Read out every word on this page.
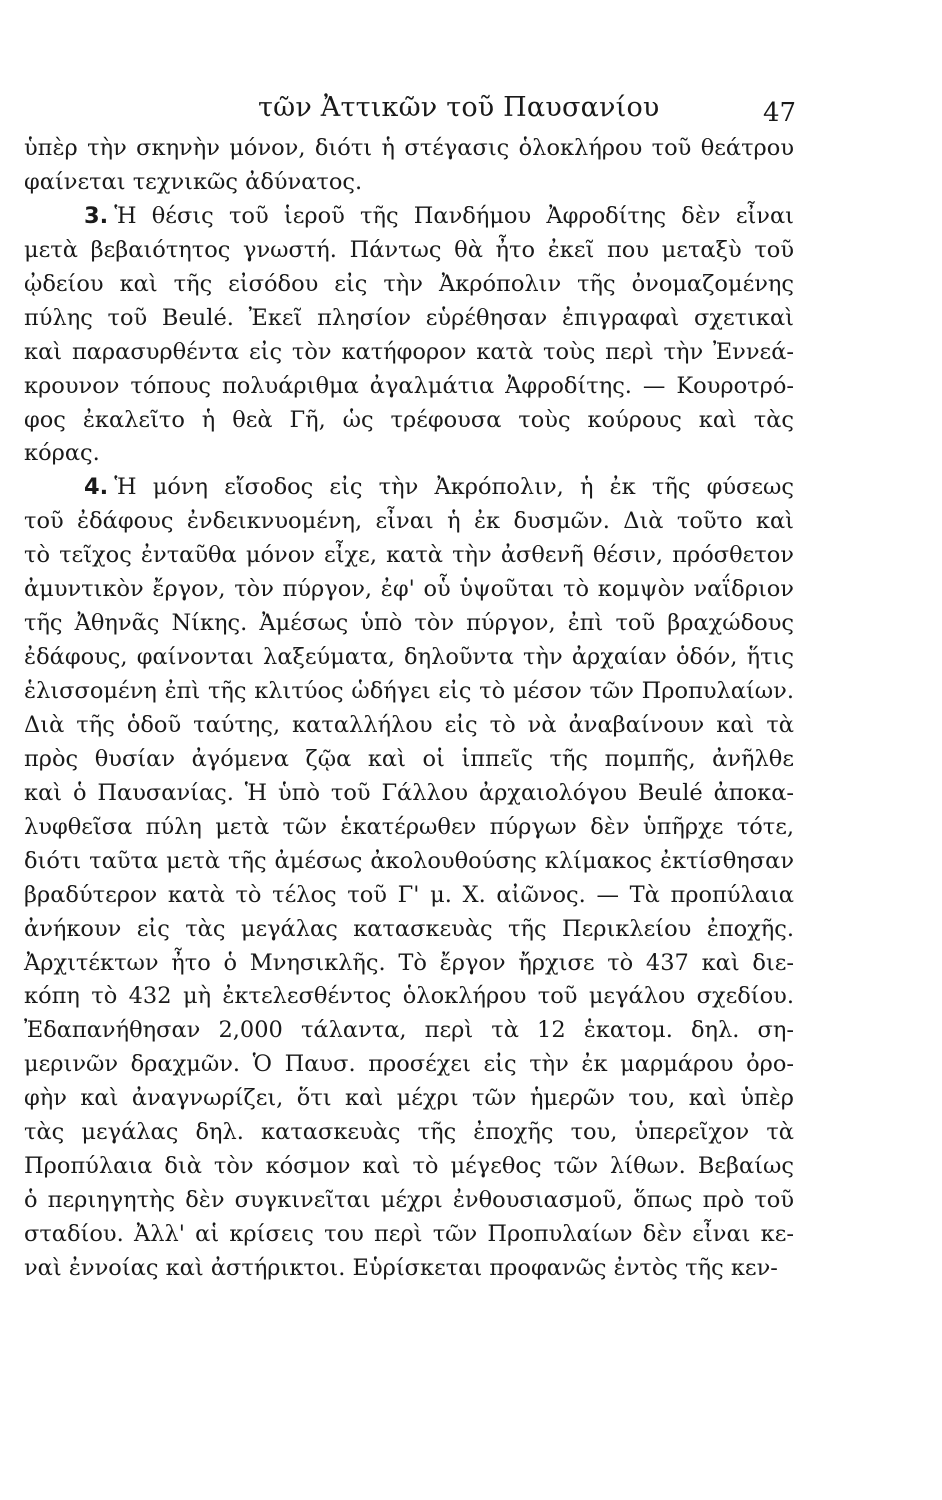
τῶν Ἀττικῶν τοῦ Παυσανίου	47
ὑπὲρ τὴν σκηνὴν μόνον, διότι ἡ στέγασις ὁλοκλήρου τοῦ θεάτρου
φαίνεται τεχνικῶς ἀδύνατος.
3. Ἡ θέσις τοῦ ἱεροῦ τῆς Πανδήμου Ἀφροδίτης δὲν εἶναι
μετὰ βεβαιότητος γνωστή. Πάντως θὰ ἦτο ἐκεῖ που μεταξὺ τοῦ
ᾠδείου καὶ τῆς εἰσόδου εἰς τὴν Ἀκρόπολιν τῆς ὀνομαζομένης
πύλης τοῦ Beulé. Ἐκεῖ πλησίον εὑρέθησαν ἐπιγραφαὶ σχετικαὶ
καὶ παρασυρθέντα εἰς τὸν κατήφορον κατὰ τοὺς περὶ τὴν Ἐννεά-
κρουνον τόπους πολυάριθμα ἀγαλμάτια Ἀφροδίτης. — Κουροτρό-
φος ἐκαλεῖτο ἡ θεὰ Γῆ, ὡς τρέφουσα τοὺς κούρους καὶ τὰς
κόρας.
4. Ἡ μόνη εἴσοδος εἰς τὴν Ἀκρόπολιν, ἡ ἐκ τῆς φύσεως
τοῦ ἐδάφους ἐνδεικνυομένη, εἶναι ἡ ἐκ δυσμῶν. Διὰ τοῦτο καὶ
τὸ τεῖχος ἐνταῦθα μόνον εἶχε, κατὰ τὴν ἀσθενῆ θέσιν, πρόσθετον
ἀμυντικὸν ἔργον, τὸν πύργον, ἐφ' οὗ ὑψοῦται τὸ κομψὸν ναΐδριον
τῆς Ἀθηνᾶς Νίκης. Ἀμέσως ὑπὸ τὸν πύργον, ἐπὶ τοῦ βραχώδους
ἐδάφους, φαίνονται λαξεύματα, δηλοῦντα τὴν ἀρχαίαν ὁδόν, ἥτις
ἑλισσομένη ἐπὶ τῆς κλιτύος ὡδήγει εἰς τὸ μέσον τῶν Προπυλαίων.
Διὰ τῆς ὁδοῦ ταύτης, καταλλήλου εἰς τὸ νὰ ἀναβαίνουν καὶ τὰ
πρὸς θυσίαν ἀγόμενα ζῷα καὶ οἱ ἱππεῖς τῆς πομπῆς, ἀνῆλθε
καὶ ὁ Παυσανίας. Ἡ ὑπὸ τοῦ Γάλλου ἀρχαιολόγου Beulé ἀποκα-
λυφθεῖσα πύλη μετὰ τῶν ἑκατέρωθεν πύργων δὲν ὑπῆρχε τότε,
διότι ταῦτα μετὰ τῆς ἀμέσως ἀκολουθούσης κλίμακος ἐκτίσθησαν
βραδύτερον κατὰ τὸ τέλος τοῦ Γ' μ. Χ. αἰῶνος. — Τὰ προπύλαια
ἀνήκουν εἰς τὰς μεγάλας κατασκευὰς τῆς Περικλείου ἐποχῆς.
Ἀρχιτέκτων ἦτο ὁ Μνησικλῆς. Τὸ ἔργον ἤρχισε τὸ 437 καὶ διε-
κόπη τὸ 432 μὴ ἐκτελεσθέντος ὁλοκλήρου τοῦ μεγάλου σχεδίου.
Ἐδαπανήθησαν 2,000 τάλαντα, περὶ τὰ 12 ἑκατομ. δηλ. ση-
μερινῶν δραχμῶν. Ὁ Παυσ. προσέχει εἰς τὴν ἐκ μαρμάρου ὀρο-
φὴν καὶ ἀναγνωρίζει, ὅτι καὶ μέχρι τῶν ἡμερῶν του, καὶ ὑπὲρ
τὰς μεγάλας δηλ. κατασκευὰς τῆς ἐποχῆς του, ὑπερεῖχον τὰ
Προπύλαια διὰ τὸν κόσμον καὶ τὸ μέγεθος τῶν λίθων. Βεβαίως
ὁ περιηγητὴς δὲν συγκινεῖται μέχρι ἐνθουσιασμοῦ, ὅπως πρὸ τοῦ
σταδίου. Ἀλλ' αἱ κρίσεις του περὶ τῶν Προπυλαίων δὲν εἶναι κε-
ναὶ ἐννοίας καὶ ἀστήρικτοι. Εὑρίσκεται προφανῶς ἐντὸς τῆς κεν-
